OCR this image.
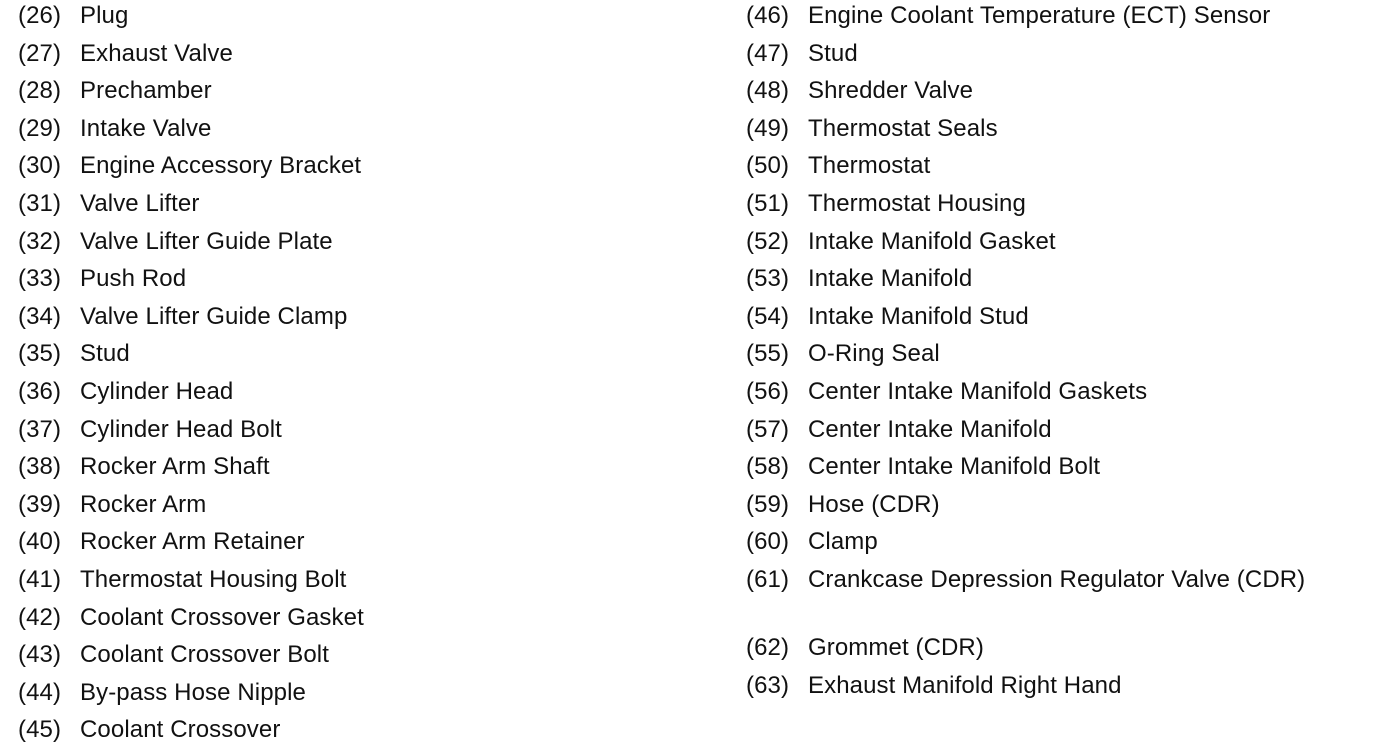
(26) Plug
(27) Exhaust Valve
(28) Prechamber
(29) Intake Valve
(30) Engine Accessory Bracket
(31) Valve Lifter
(32) Valve Lifter Guide Plate
(33) Push Rod
(34) Valve Lifter Guide Clamp
(35) Stud
(36) Cylinder Head
(37) Cylinder Head Bolt
(38) Rocker Arm Shaft
(39) Rocker Arm
(40) Rocker Arm Retainer
(41) Thermostat Housing Bolt
(42) Coolant Crossover Gasket
(43) Coolant Crossover Bolt
(44) By-pass Hose Nipple
(45) Coolant Crossover
(46) Engine Coolant Temperature (ECT) Sensor
(47) Stud
(48) Shredder Valve
(49) Thermostat Seals
(50) Thermostat
(51) Thermostat Housing
(52) Intake Manifold Gasket
(53) Intake Manifold
(54) Intake Manifold Stud
(55) O-Ring Seal
(56) Center Intake Manifold Gaskets
(57) Center Intake Manifold
(58) Center Intake Manifold Bolt
(59) Hose (CDR)
(60) Clamp
(61) Crankcase Depression Regulator Valve (CDR)
(62) Grommet (CDR)
(63) Exhaust Manifold Right Hand
